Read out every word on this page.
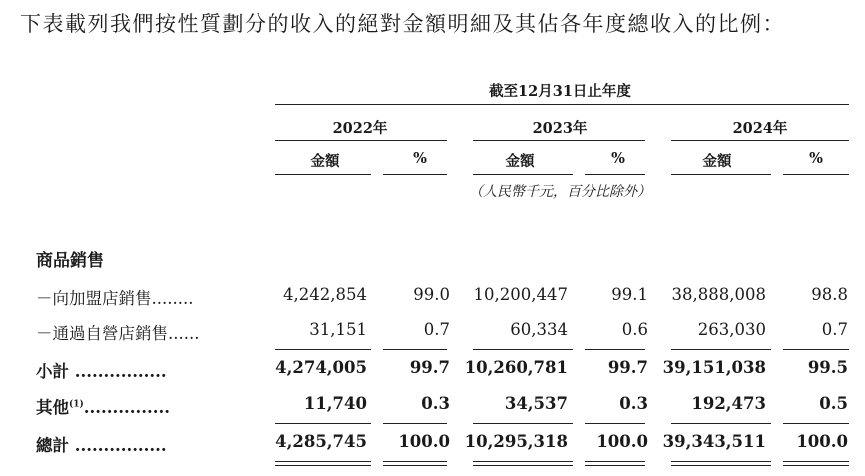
下表載列我們按性質劃分的收入的絕對金額明細及其佔各年度總收入的比例：
截至12月31日止年度
2022年	2023年	2024年
金額	%	金額	%	金額	%
（人民幣千元，百分比除外）
商品銷售
－向加盟店銷售........	4,242,854	99.0	10,200,447	99.1	38,888,008	98.8
－通過自營店銷售......	31,151	0.7	60,334	0.6	263,030	0.7
小計 ................	4,274,005	99.7 10,260,781	99.7 39,151,038	99.5
其他$^{(1)}$...............	11,740	0.3	34,537	0.3	192,473	0.5
總計 ................	4,285,745	100.0 10,295,318	100.0 39,343,511	100.0
